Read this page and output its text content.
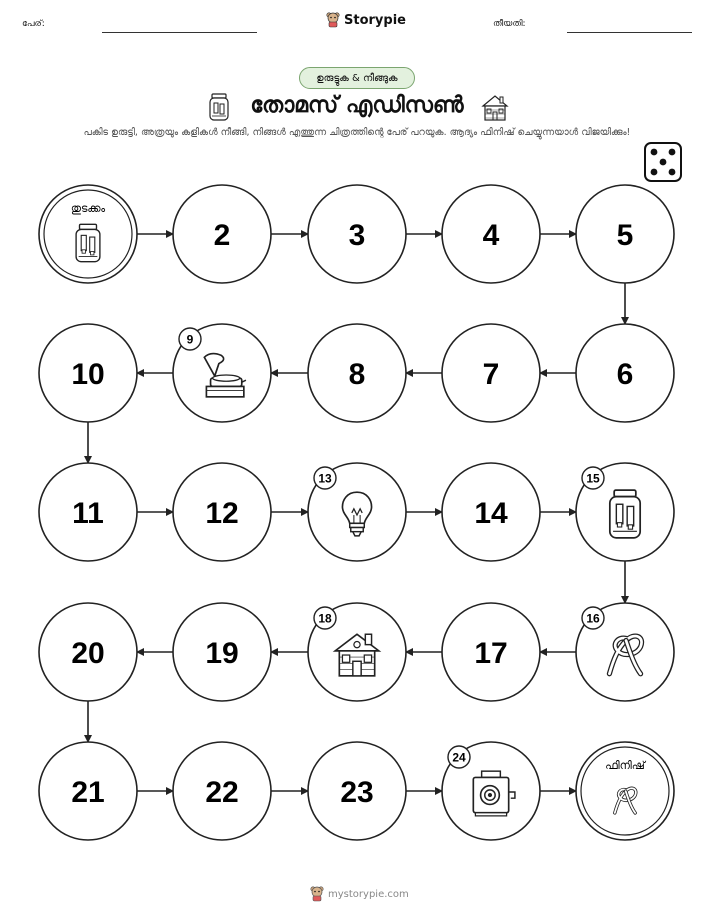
പേര്:	Storypie	തീയതി:
ഉരുട്ടുക & നീങ്ങുക
തോമസ് എഡിസൺ
പകിട ഉരുട്ടി, അത്രയും കളികൾ നീങ്ങി, നിങ്ങൾ എത്തുന്ന ചിത്രത്തിന്റെ പേര് പറയുക. ആദ്യം ഫിനിഷ് ചെയ്യുന്നയാൾ വിജയിക്കും!
തുടക്കം
2	3	4	5
6
7
8
9
10
11	12
13
14
15
16
17
18
19
20
21	22	23
24
ഫിനിഷ്
mystorypie.com
